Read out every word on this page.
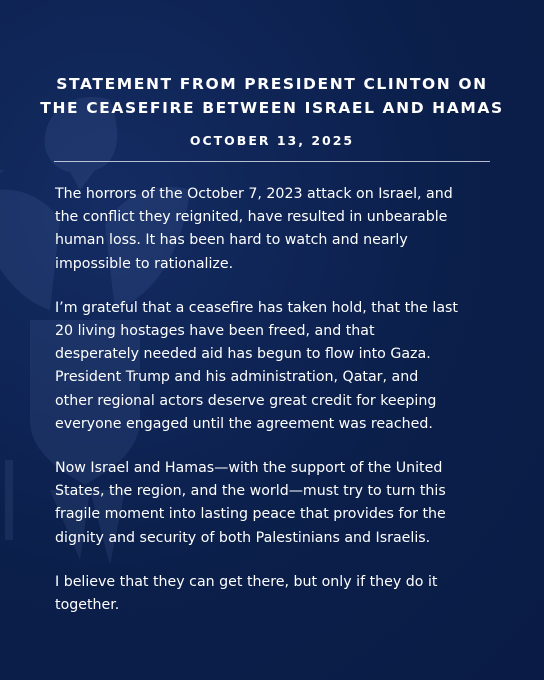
STATEMENT FROM PRESIDENT CLINTON ON
THE CEASEFIRE BETWEEN ISRAEL AND HAMAS
OCTOBER 13, 2025

The horrors of the October 7, 2023 attack on Israel, and
the conflict they reignited, have resulted in unbearable
human loss. It has been hard to watch and nearly
impossible to rationalize.

I’m grateful that a ceasefire has taken hold, that the last
20 living hostages have been freed, and that
desperately needed aid has begun to flow into Gaza.
President Trump and his administration, Qatar, and
other regional actors deserve great credit for keeping
everyone engaged until the agreement was reached.

Now Israel and Hamas—with the support of the United
States, the region, and the world—must try to turn this
fragile moment into lasting peace that provides for the
dignity and security of both Palestinians and Israelis.

I believe that they can get there, but only if they do it
together.
